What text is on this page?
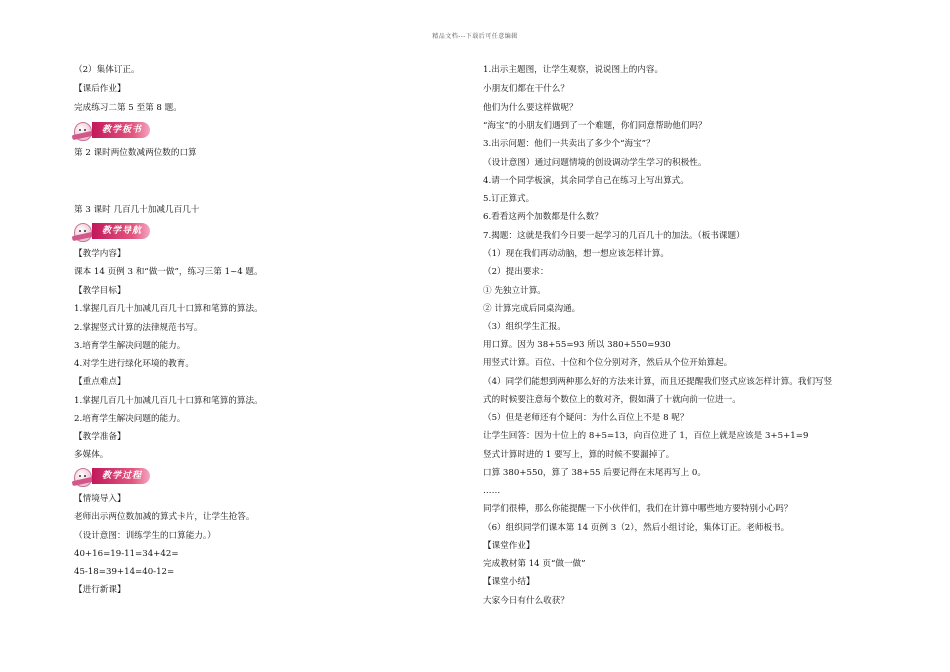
精品文档---下载后可任意编辑
（2）集体订正。
【课后作业】
完成练习二第 5 至第 8 题。
教学板书
第 2 课时两位数减两位数的口算
第 3 课时 几百几十加减几百几十
教学导航
【教学内容】
课本 14 页例 3 和“做一做”，练习三第 1~4 题。
【教学目标】
1.掌握几百几十加减几百几十口算和笔算的算法。
2.掌握竖式计算的法律规范书写。
3.培育学生解决问题的能力。
4.对学生进行绿化环境的教育。
【重点难点】
1.掌握几百几十加减几百几十口算和笔算的算法。
2.培育学生解决问题的能力。
【教学准备】
多媒体。
教学过程
【情境导入】
老师出示两位数加减的算式卡片，让学生抢答。
（设计意图：训练学生的口算能力。）
40+16=19-11=34+42=
45-18=39+14=40-12=
【进行新课】
1.出示主题图，让学生观察，说说图上的内容。
小朋友们都在干什么？
他们为什么要这样做呢？
“海宝”的小朋友们遇到了一个难题，你们同意帮助他们吗？
3.出示问题：他们一共卖出了多少个“海宝”？
（设计意图）通过问题情境的创设调动学生学习的积极性。
4.请一个同学板演，其余同学自己在练习上写出算式。
5.订正算式。
6.看看这两个加数都是什么数？
7.揭题：这就是我们今日要一起学习的几百几十的加法。（板书课题）
（1）现在我们再动动脑，想一想应该怎样计算。
（2）提出要求：
① 先独立计算。
② 计算完成后同桌沟通。
（3）组织学生汇报。
用口算。因为 38+55=93 所以 380+550=930
用竖式计算。百位、十位和个位分别对齐，然后从个位开始算起。
（4）同学们能想到两种那么好的方法来计算，而且还提醒我们竖式应该怎样计算。我们写竖
式的时候要注意每个数位上的数对齐，假如满了十就向前一位进一。
（5）但是老师还有个疑问：为什么百位上不是 8 呢？
让学生回答：因为十位上的 8+5=13，向百位进了 1，百位上就是应该是 3+5+1=9
竖式计算时进的 1 要写上，算的时候不要漏掉了。
口算 380+550，算了 38+55 后要记得在末尾再写上 0。
……
同学们很棒，那么你能提醒一下小伙伴们，我们在计算中哪些地方要特别小心吗？
（6）组织同学们课本第 14 页例 3（2），然后小组讨论，集体订正。老师板书。
【课堂作业】
完成教材第 14 页“做一做”
【课堂小结】
大家今日有什么收获？
